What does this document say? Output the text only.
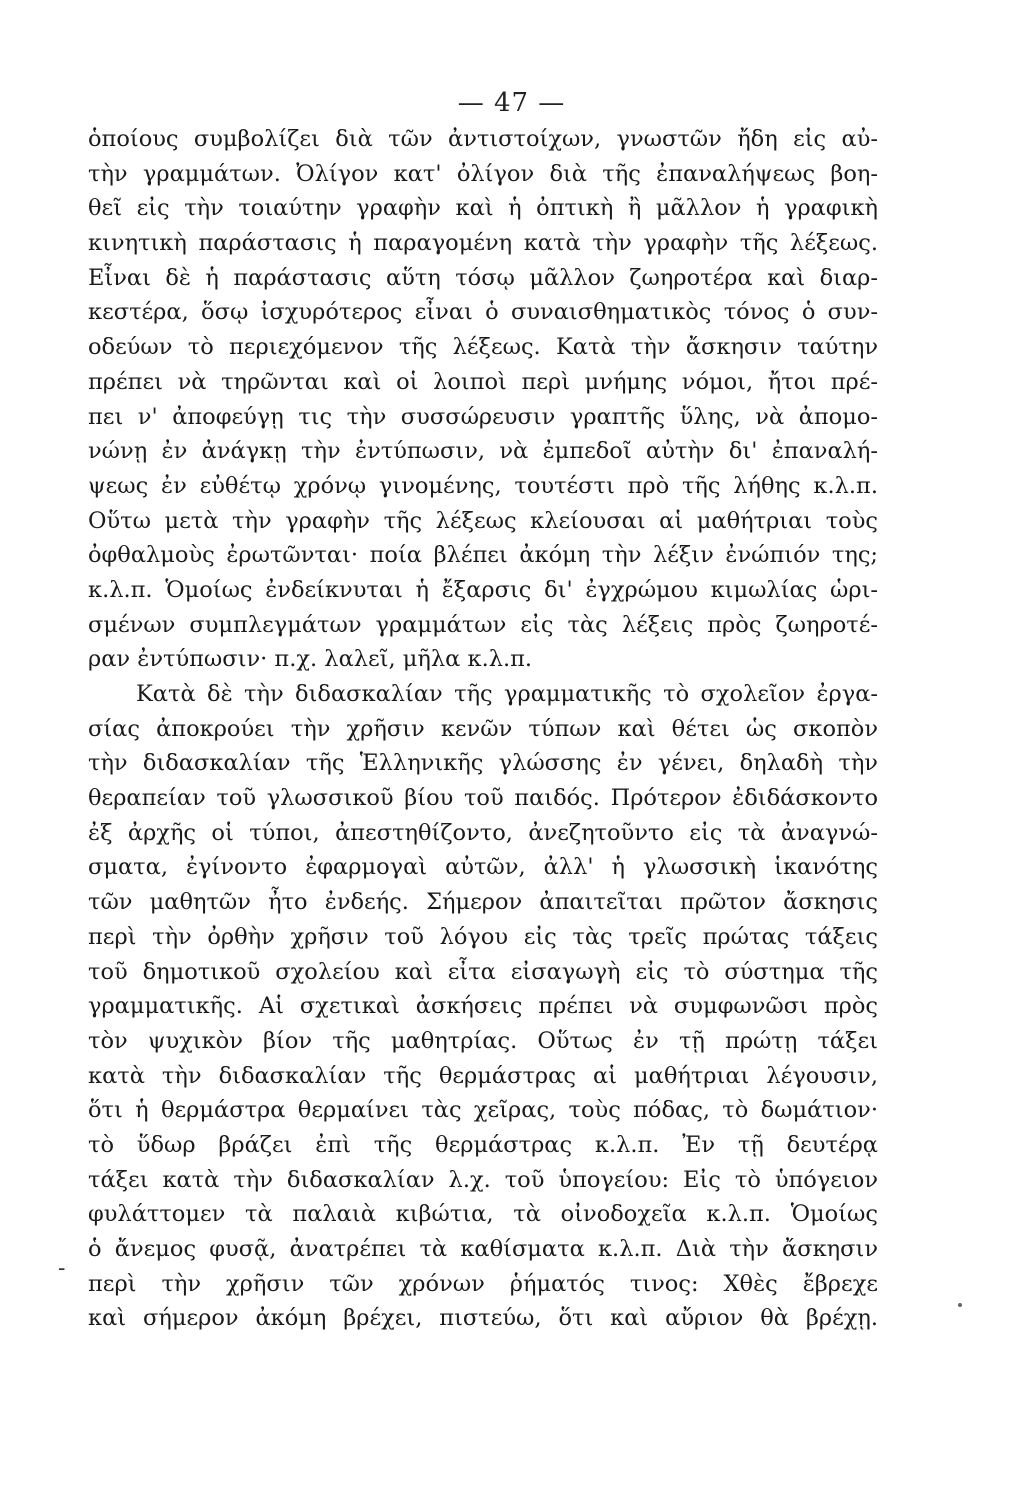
— 47 —
ὁποίους συμβολίζει διὰ τῶν ἀντιστοίχων, γνωστῶν ἤδη εἰς αὐ-
τὴν γραμμάτων. Ὀλίγον κατ' ὀλίγον διὰ τῆς ἐπαναλήψεως βοη-
θεῖ εἰς τὴν τοιαύτην γραφὴν καὶ ἡ ὀπτικὴ ἢ μᾶλλον ἡ γραφικὴ
κινητικὴ παράστασις ἡ παραγομένη κατὰ τὴν γραφὴν τῆς λέξεως.
Εἶναι δὲ ἡ παράστασις αὕτη τόσῳ μᾶλλον ζωηροτέρα καὶ διαρ-
κεστέρα, ὅσῳ ἰσχυρότερος εἶναι ὁ συναισθηματικὸς τόνος ὁ συν-
οδεύων τὸ περιεχόμενον τῆς λέξεως. Κατὰ τὴν ἄσκησιν ταύτην
πρέπει νὰ τηρῶνται καὶ οἱ λοιποὶ περὶ μνήμης νόμοι, ἤτοι πρέ-
πει ν' ἀποφεύγῃ τις τὴν συσσώρευσιν γραπτῆς ὕλης, νὰ ἀπομο-
νώνῃ ἐν ἀνάγκῃ τὴν ἐντύπωσιν, νὰ ἐμπεδοῖ αὐτὴν δι' ἐπαναλή-
ψεως ἐν εὐθέτῳ χρόνῳ γινομένης, τουτέστι πρὸ τῆς λήθης κ.λ.π.
Οὕτω μετὰ τὴν γραφὴν τῆς λέξεως κλείουσαι αἱ μαθήτριαι τοὺς
ὀφθαλμοὺς ἐρωτῶνται· ποία βλέπει ἀκόμη τὴν λέξιν ἐνώπιόν της;
κ.λ.π. Ὁμοίως ἐνδείκνυται ἡ ἔξαρσις δι' ἐγχρώμου κιμωλίας ὡρι-
σμένων συμπλεγμάτων γραμμάτων εἰς τὰς λέξεις πρὸς ζωηροτέ-
ραν ἐντύπωσιν· π.χ. λαλεῖ, μῆλα κ.λ.π.
Κατὰ δὲ τὴν διδασκαλίαν τῆς γραμματικῆς τὸ σχολεῖον ἐργα-
σίας ἀποκρούει τὴν χρῆσιν κενῶν τύπων καὶ θέτει ὡς σκοπὸν
τὴν διδασκαλίαν τῆς Ἑλληνικῆς γλώσσης ἐν γένει, δηλαδὴ τὴν
θεραπείαν τοῦ γλωσσικοῦ βίου τοῦ παιδός. Πρότερον ἐδιδάσκοντο
ἐξ ἀρχῆς οἱ τύποι, ἀπεστηθίζοντο, ἀνεζητοῦντο εἰς τὰ ἀναγνώ-
σματα, ἐγίνοντο ἐφαρμογαὶ αὐτῶν, ἀλλ' ἡ γλωσσικὴ ἱκανότης
τῶν μαθητῶν ἦτο ἐνδεής. Σήμερον ἀπαιτεῖται πρῶτον ἄσκησις
περὶ τὴν ὀρθὴν χρῆσιν τοῦ λόγου εἰς τὰς τρεῖς πρώτας τάξεις
τοῦ δημοτικοῦ σχολείου καὶ εἶτα εἰσαγωγὴ εἰς τὸ σύστημα τῆς
γραμματικῆς. Αἱ σχετικαὶ ἀσκήσεις πρέπει νὰ συμφωνῶσι πρὸς
τὸν ψυχικὸν βίον τῆς μαθητρίας. Οὕτως ἐν τῇ πρώτῃ τάξει
κατὰ τὴν διδασκαλίαν τῆς θερμάστρας αἱ μαθήτριαι λέγουσιν,
ὅτι ἡ θερμάστρα θερμαίνει τὰς χεῖρας, τοὺς πόδας, τὸ δωμάτιον·
τὸ ὕδωρ βράζει ἐπὶ τῆς θερμάστρας κ.λ.π. Ἐν τῇ δευτέρᾳ
τάξει κατὰ τὴν διδασκαλίαν λ.χ. τοῦ ὑπογείου: Εἰς τὸ ὑπόγειον
φυλάττομεν τὰ παλαιὰ κιβώτια, τὰ οἰνοδοχεῖα κ.λ.π. Ὁμοίως
ὁ ἄνεμος φυσᾷ, ἀνατρέπει τὰ καθίσματα κ.λ.π. Διὰ τὴν ἄσκησιν
περὶ τὴν χρῆσιν τῶν χρόνων ῥήματός τινος: Χθὲς ἔβρεχε
καὶ σήμερον ἀκόμη βρέχει, πιστεύω, ὅτι καὶ αὔριον θὰ βρέχῃ.
-
